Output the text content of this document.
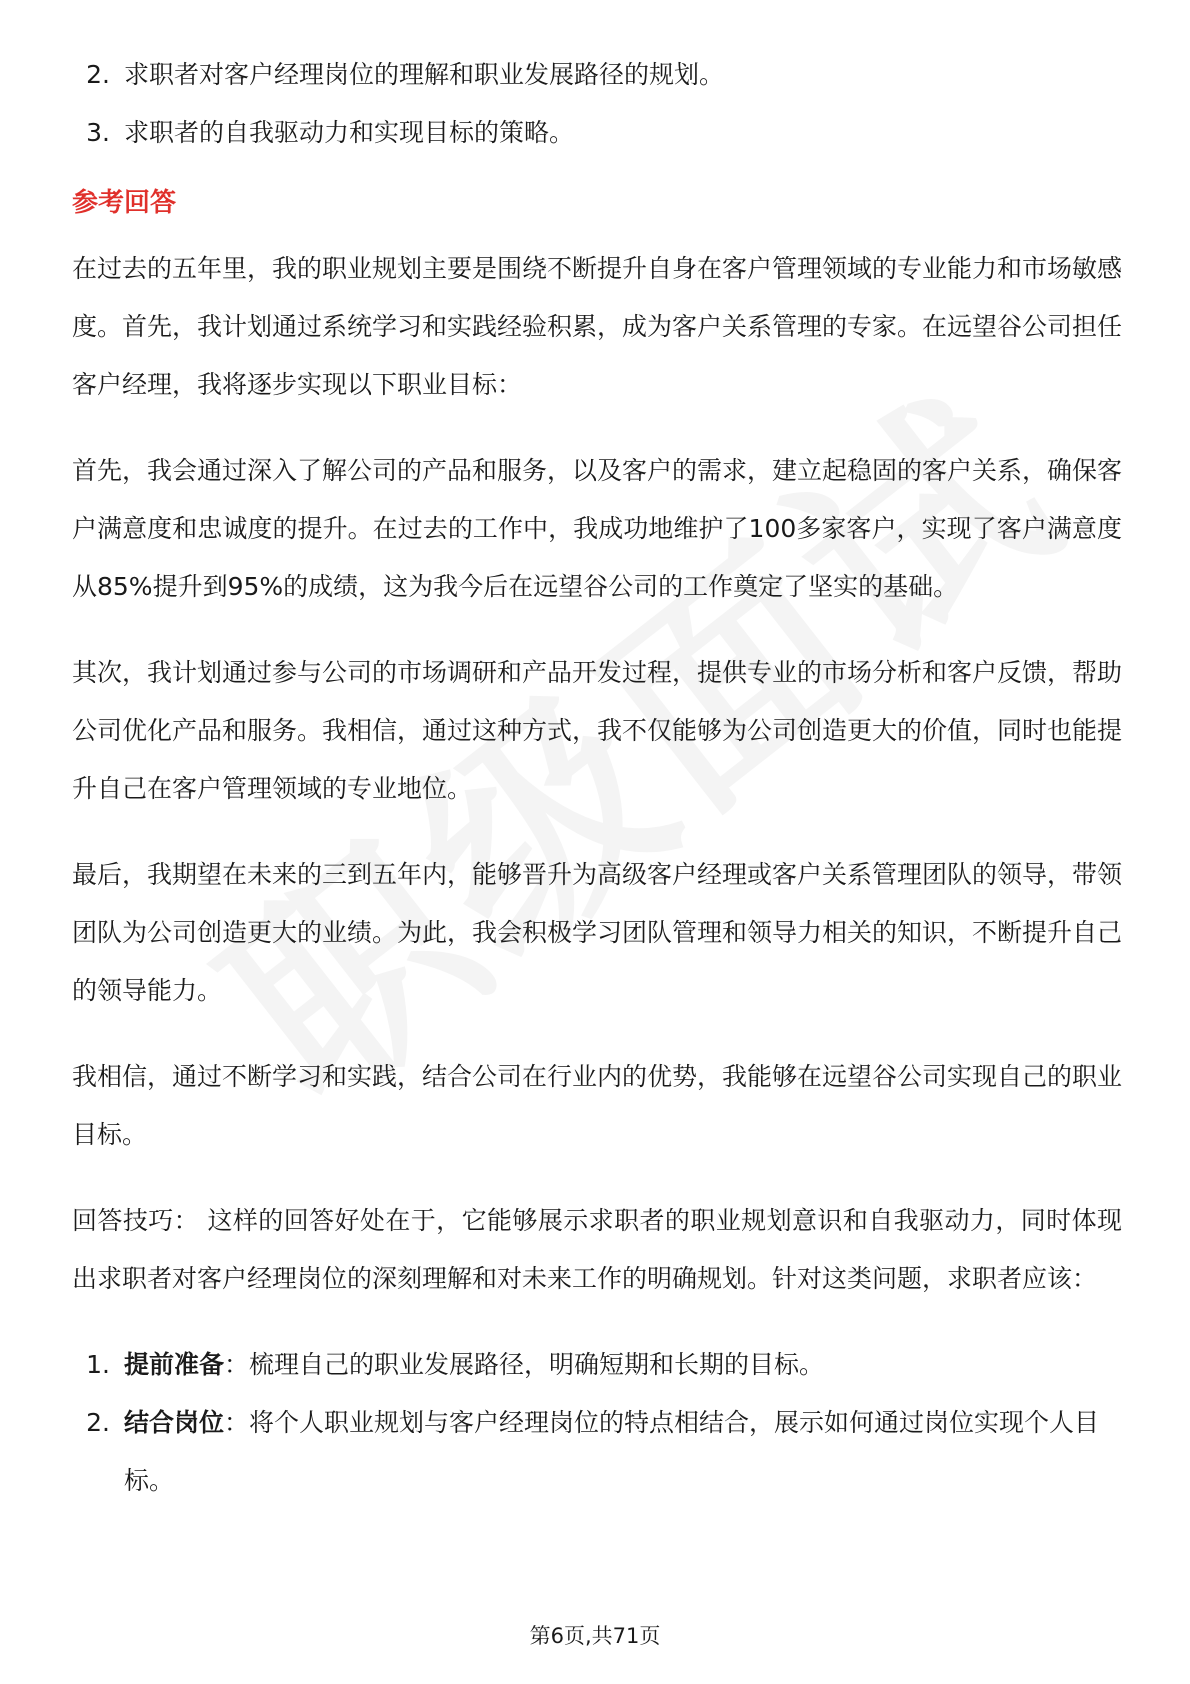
2. 求职者对客户经理岗位的理解和职业发展路径的规划。
3. 求职者的自我驱动力和实现目标的策略。
参考回答

在过去的五年里，我的职业规划主要是围绕不断提升自身在客户管理领域的专业能力和市场敏感度。首先，我计划通过系统学习和实践经验积累，成为客户关系管理的专家。在远望谷公司担任客户经理，我将逐步实现以下职业目标：

首先，我会通过深入了解公司的产品和服务，以及客户的需求，建立起稳固的客户关系，确保客户满意度和忠诚度的提升。在过去的工作中，我成功地维护了100多家客户，实现了客户满意度从85%提升到95%的成绩，这为我今后在远望谷公司的工作奠定了坚实的基础。

其次，我计划通过参与公司的市场调研和产品开发过程，提供专业的市场分析和客户反馈，帮助公司优化产品和服务。我相信，通过这种方式，我不仅能够为公司创造更大的价值，同时也能提升自己在客户管理领域的专业地位。

最后，我期望在未来的三到五年内，能够晋升为高级客户经理或客户关系管理团队的领导，带领团队为公司创造更大的业绩。为此，我会积极学习团队管理和领导力相关的知识，不断提升自己的领导能力。

我相信，通过不断学习和实践，结合公司在行业内的优势，我能够在远望谷公司实现自己的职业目标。

回答技巧： 这样的回答好处在于，它能够展示求职者的职业规划意识和自我驱动力，同时体现出求职者对客户经理岗位的深刻理解和对未来工作的明确规划。针对这类问题，求职者应该：

1. 提前准备：梳理自己的职业发展路径，明确短期和长期的目标。
2. 结合岗位：将个人职业规划与客户经理岗位的特点相结合，展示如何通过岗位实现个人目标。
第6页,共71页
